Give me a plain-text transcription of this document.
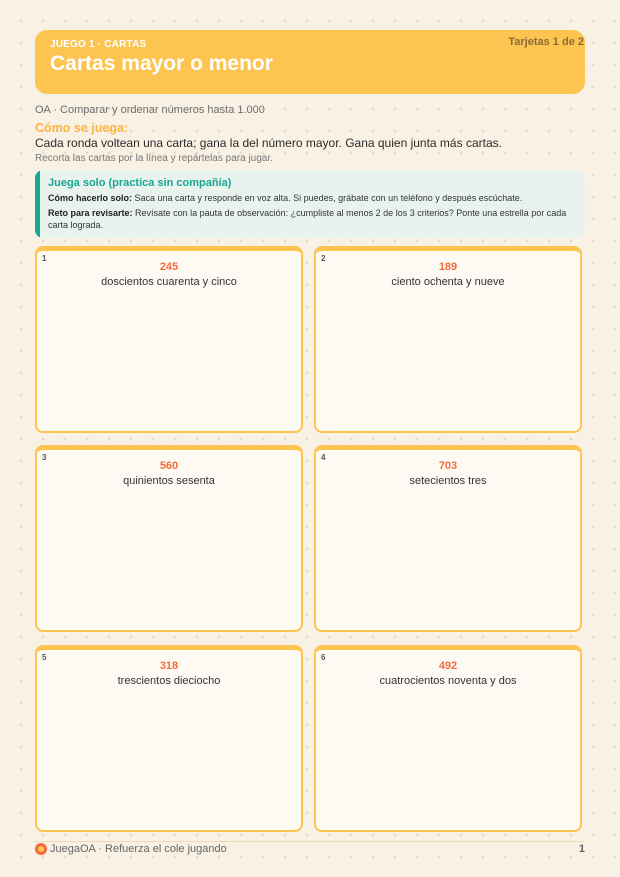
JUEGO 1 · CARTAS
Cartas mayor o menor
Tarjetas 1 de 2
OA · Comparar y ordenar números hasta 1.000
Cómo se juega:
Cada ronda voltean una carta; gana la del número mayor. Gana quien junta más cartas.
Recorta las cartas por la línea y repártelas para jugar.
Juega solo (practica sin compañía)
Cómo hacerlo solo: Saca una carta y responde en voz alta. Si puedes, grábate con un teléfono y después escúchate.
Reto para revisarte: Revísate con la pauta de observación: ¿cumpliste al menos 2 de los 3 criterios? Ponte una estrella por cada carta lograda.
1
245
doscientos cuarenta y cinco
2
189
ciento ochenta y nueve
3
560
quinientos sesenta
4
703
setecientos tres
5
318
trescientos dieciocho
6
492
cuatrocientos noventa y dos
JuegaOA · Refuerza el cole jugando	1
